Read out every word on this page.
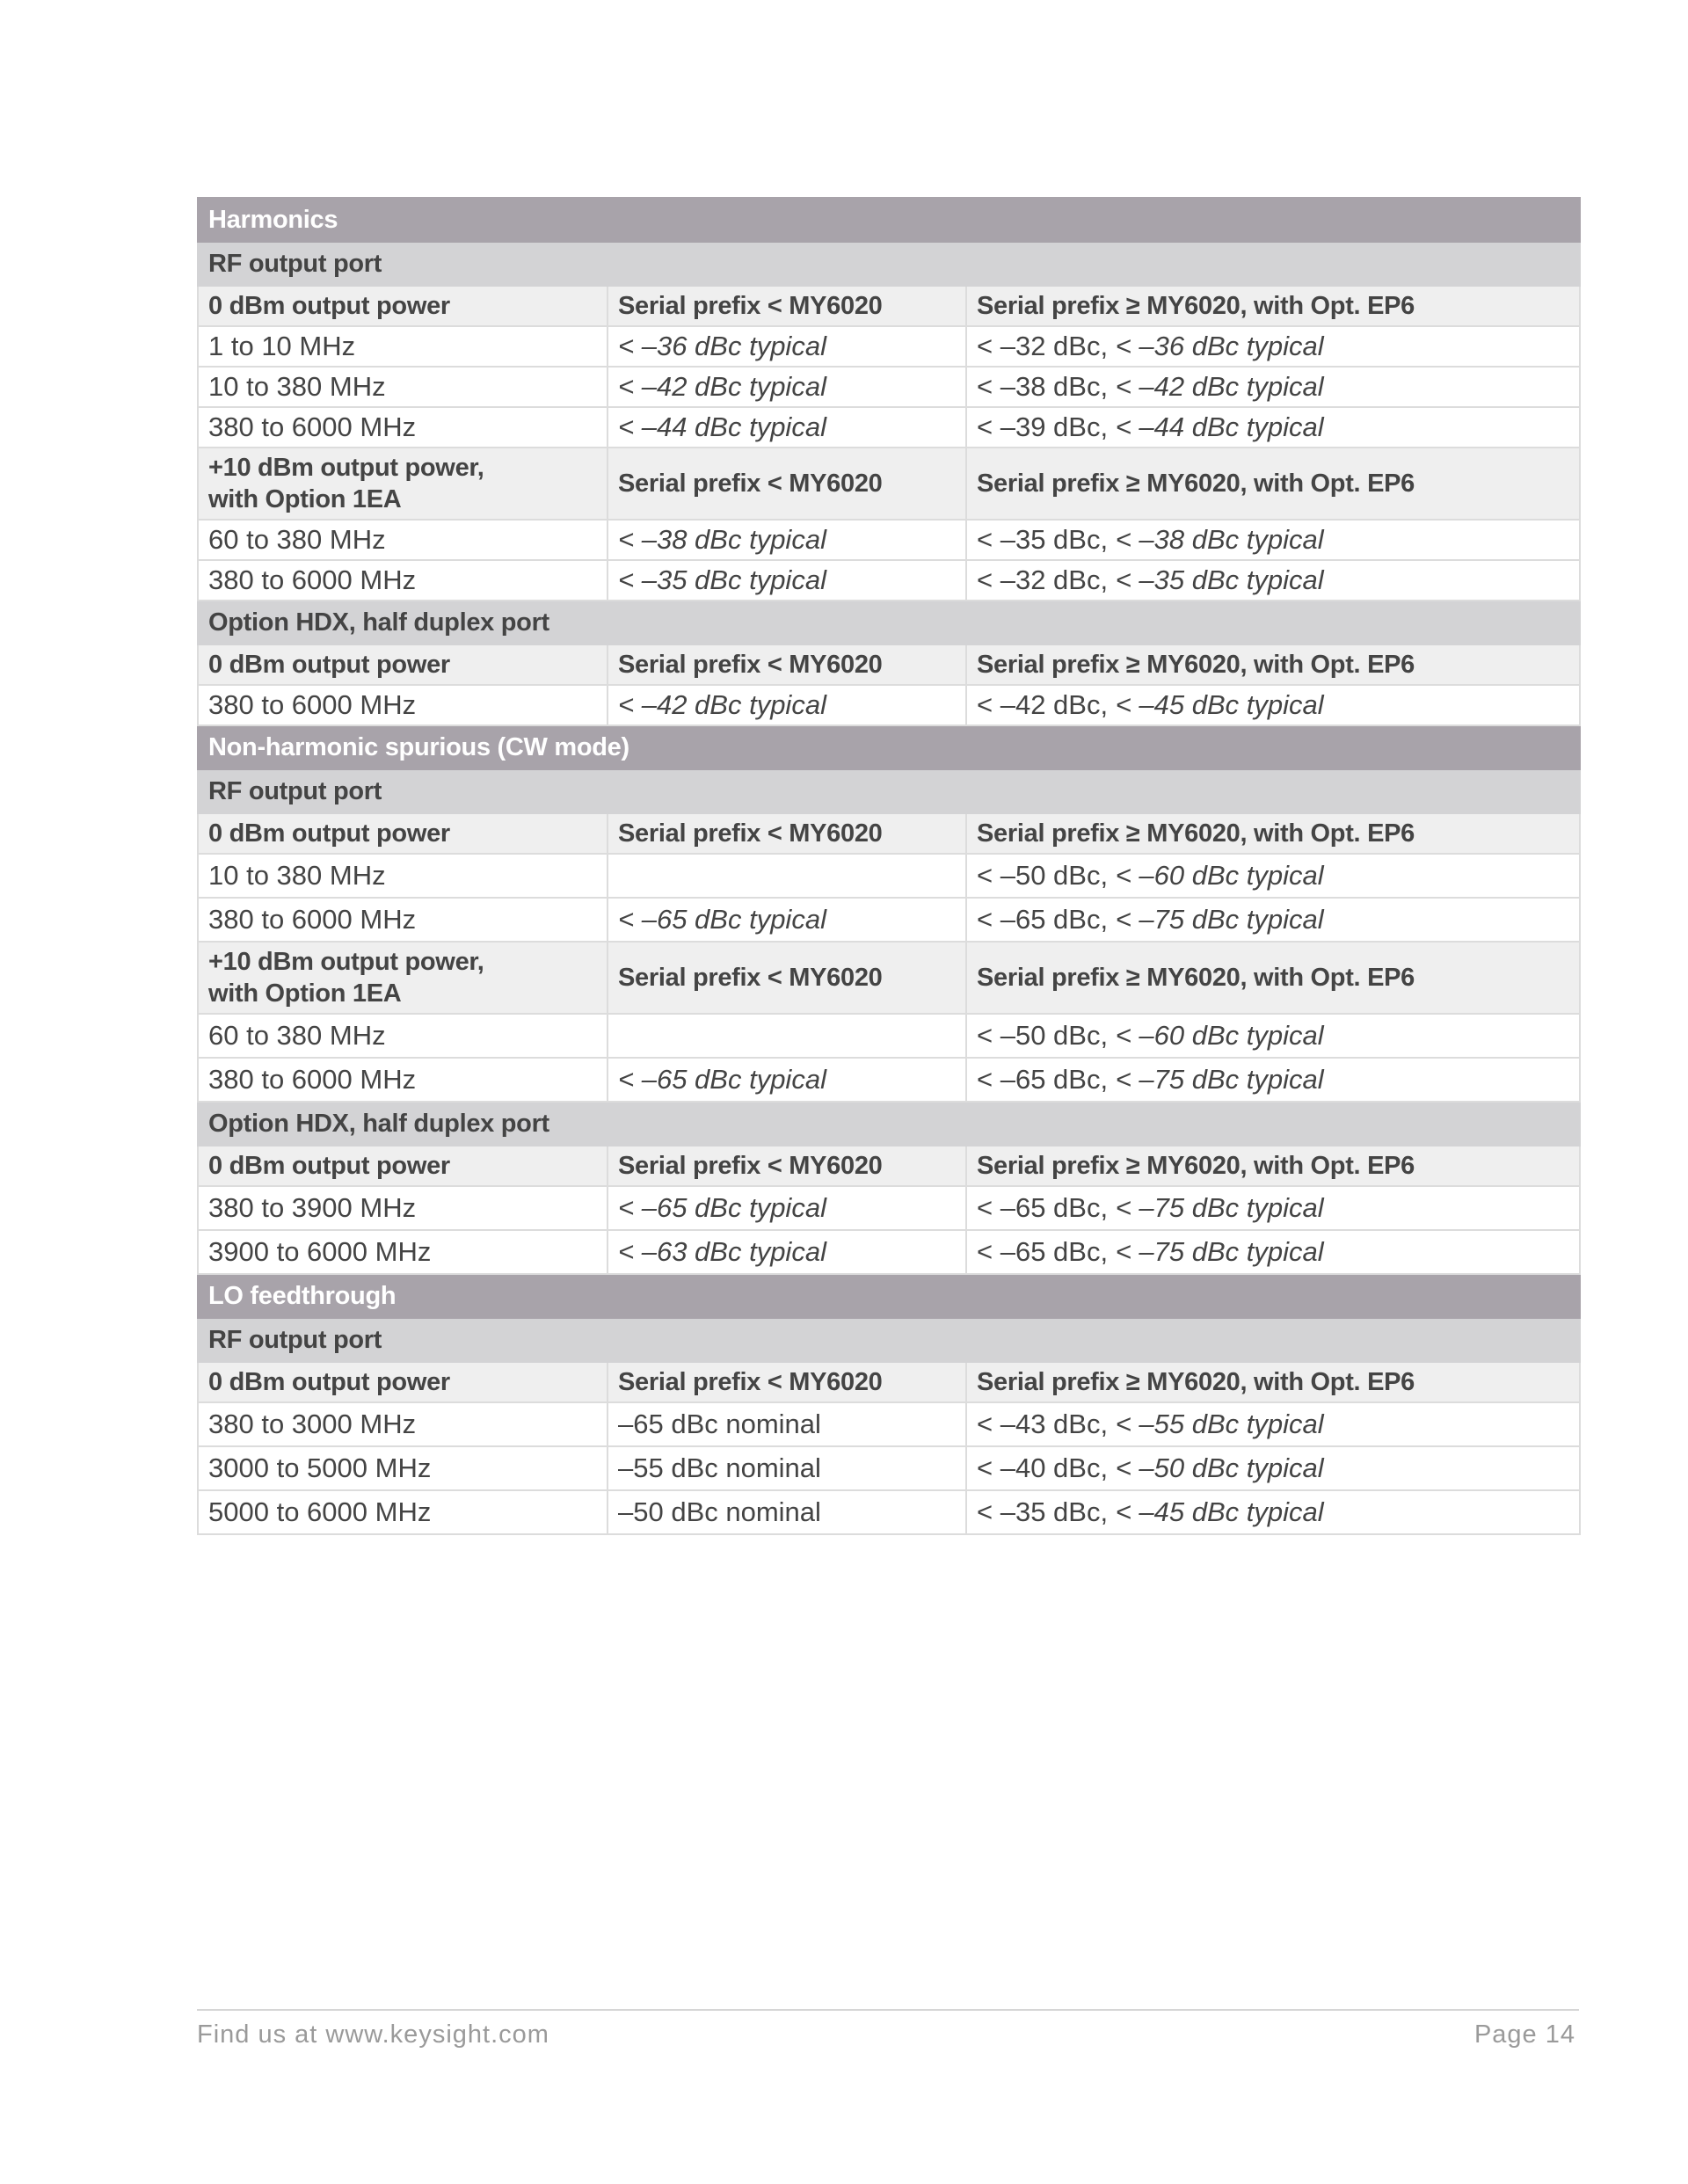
Harmonics		
RF output port		
0 dBm output power	Serial prefix < MY6020	Serial prefix ≥ MY6020, with Opt. EP6
1 to 10 MHz	< –36 dBc typical	< –32 dBc, < –36 dBc typical
10 to 380 MHz	< –42 dBc typical	< –38 dBc, < –42 dBc typical
380 to 6000 MHz	< –44 dBc typical	< –39 dBc, < –44 dBc typical
+10 dBm output power,
with Option 1EA	Serial prefix < MY6020	Serial prefix ≥ MY6020, with Opt. EP6
60 to 380 MHz	< –38 dBc typical	< –35 dBc, < –38 dBc typical
380 to 6000 MHz	< –35 dBc typical	< –32 dBc, < –35 dBc typical
Option HDX, half duplex port		
0 dBm output power	Serial prefix < MY6020	Serial prefix ≥ MY6020, with Opt. EP6
380 to 6000 MHz	< –42 dBc typical	< –42 dBc, < –45 dBc typical
Non-harmonic spurious (CW mode)		
RF output port		
0 dBm output power	Serial prefix < MY6020	Serial prefix ≥ MY6020, with Opt. EP6
10 to 380 MHz		< –50 dBc, < –60 dBc typical
380 to 6000 MHz	< –65 dBc typical	< –65 dBc, < –75 dBc typical
+10 dBm output power,
with Option 1EA	Serial prefix < MY6020	Serial prefix ≥ MY6020, with Opt. EP6
60 to 380 MHz		< –50 dBc, < –60 dBc typical
380 to 6000 MHz	< –65 dBc typical	< –65 dBc, < –75 dBc typical
Option HDX, half duplex port		
0 dBm output power	Serial prefix < MY6020	Serial prefix ≥ MY6020, with Opt. EP6
380 to 3900 MHz	< –65 dBc typical	< –65 dBc, < –75 dBc typical
3900 to 6000 MHz	< –63 dBc typical	< –65 dBc, < –75 dBc typical
LO feedthrough		
RF output port		
0 dBm output power	Serial prefix < MY6020	Serial prefix ≥ MY6020, with Opt. EP6
380 to 3000 MHz	–65 dBc nominal	< –43 dBc, < –55 dBc typical
3000 to 5000 MHz	–55 dBc nominal	< –40 dBc, < –50 dBc typical
5000 to 6000 MHz	–50 dBc nominal	< –35 dBc, < –45 dBc typical
Find us at www.keysight.com	Page 14
